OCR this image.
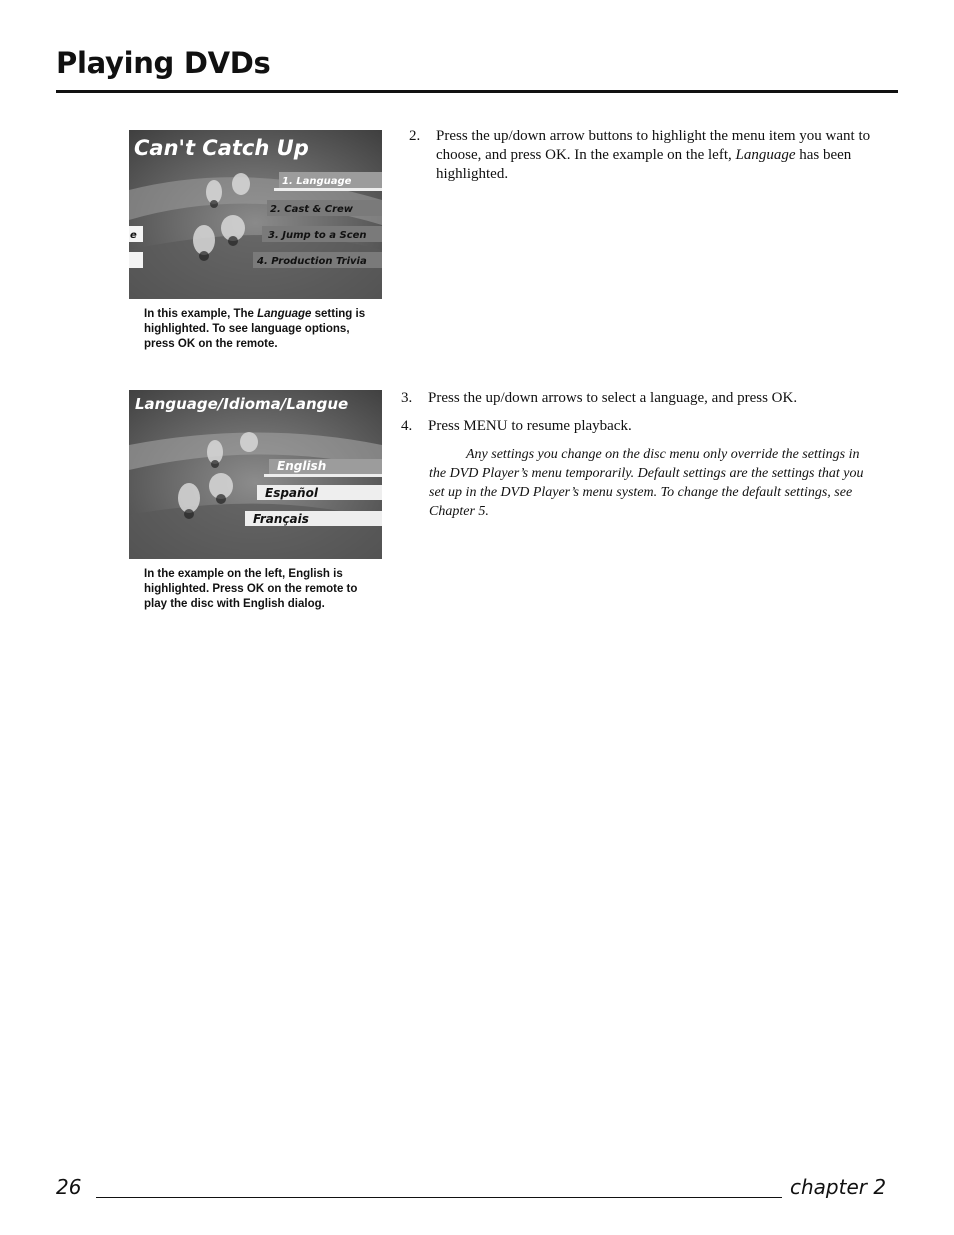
Playing DVDs
Can't Catch Up
1. Language
2. Cast & Crew
3. Jump to a Scen
4. Production Trivia
e
In this example, The Language setting is highlighted. To see language options, press OK on the remote.
Language/Idioma/Langue
English
Español
Français
In the example on the left, English is highlighted. Press OK on the remote to play the disc with English dialog.
2. Press the up/down arrow buttons to highlight the menu item you want to choose, and press OK. In the example on the left, Language has been highlighted.
3. Press the up/down arrows to select a language, and press OK.
4. Press MENU to resume playback.
Any settings you change on the disc menu only override the settings in the DVD Player’s menu temporarily. Default settings are the settings that you set up in the DVD Player’s menu system. To change the default settings, see Chapter 5.
26	chapter 2
